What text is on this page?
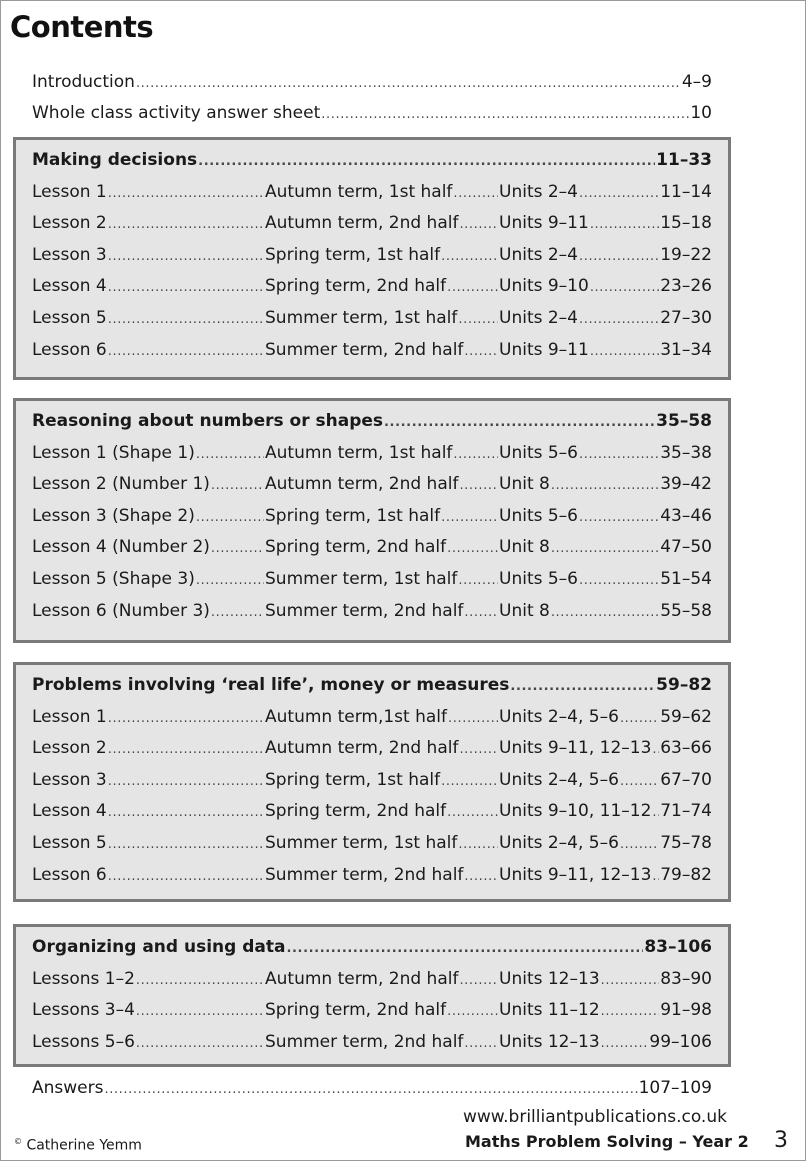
Contents
Introduction .....	4–9
Whole class activity answer sheet .....	10
Making decisions .....	11–33
Lesson 1 .....	Autumn term, 1st half .....	Units 2–4 .....	11–14
Lesson 2 .....	Autumn term, 2nd half ..... Units 9–11 .....	15–18
Lesson 3 .....	Spring term, 1st half .....	Units 2–4 .....	19–22
Lesson 4 .....	Spring term, 2nd half .....	Units 9–10 .....	23–26
Lesson 5 .....	Summer term, 1st half ..... Units 2–4 .....	27–30
Lesson 6 .....	Summer term, 2nd half ..... Units 9–11 .....	31–34
Reasoning about numbers or shapes .....	35–58
Lesson 1 (Shape 1) .....	Autumn term, 1st half .....	Units 5–6 .....	35–38
Lesson 2 (Number 1) .....	Autumn term, 2nd half ..... Unit 8 .....	39–42
Lesson 3 (Shape 2) .....	Spring term, 1st half .....	Units 5–6 .....	43–46
Lesson 4 (Number 2) .....	Spring term, 2nd half .....	Unit 8 .....	47–50
Lesson 5 (Shape 3) .....	Summer term, 1st half ..... Units 5–6 .....	51–54
Lesson 6 (Number 3) .....	Summer term, 2nd half ..... Unit 8 .....	55–58
Problems involving ‘real life’, money or measures .....	59–82
Lesson 1 .....	Autumn term,1st half .....	Units 2–4, 5–6 ..... 59–62
Lesson 2 .....	Autumn term, 2nd half ..... Units 9–11, 12–13 ..... 63–66
Lesson 3 .....	Spring term, 1st half .....	Units 2–4, 5–6 ..... 67–70
Lesson 4 .....	Spring term, 2nd half .....	Units 9–10, 11–12 ..... 71–74
Lesson 5 .....	Summer term, 1st half ..... Units 2–4, 5–6 ..... 75–78
Lesson 6 .....	Summer term, 2nd half ..... Units 9–11, 12–13 ..... 79–82
Organizing and using data .....	83–106
Lessons 1–2 .....	Autumn term, 2nd half ..... Units 12–13 .....	83–90
Lessons 3–4 .....	Spring term, 2nd half .....	Units 11–12 .....	91–98
Lessons 5–6 .....	Summer term, 2nd half ..... Units 12–13 .....	99–106
Answers .....	107–109
www.brilliantpublications.co.uk
© Catherine Yemm	Maths Problem Solving – Year 2 3
